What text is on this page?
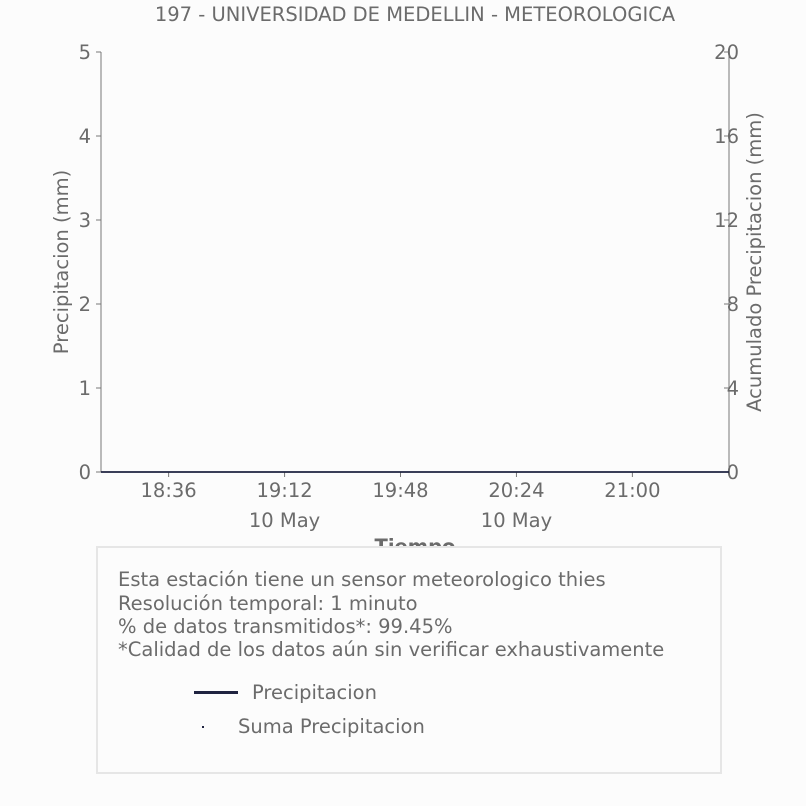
197 - UNIVERSIDAD DE MEDELLIN - METEOROLOGICA
0
1
2
3
4
5
0
4
8
12
16
20
18:36	19:12
10 May
19:48	20:24
10 May
21:00
Precipitacion (mm)	Acumulado Precipitacion (mm)
Esta estación tiene un sensor meteorologico thies
Resolución temporal: 1 minuto
% de datos transmitidos*: 99.45%
*Calidad de los datos aún sin verificar exhaustivamente
Precipitacion
Suma Precipitacion
